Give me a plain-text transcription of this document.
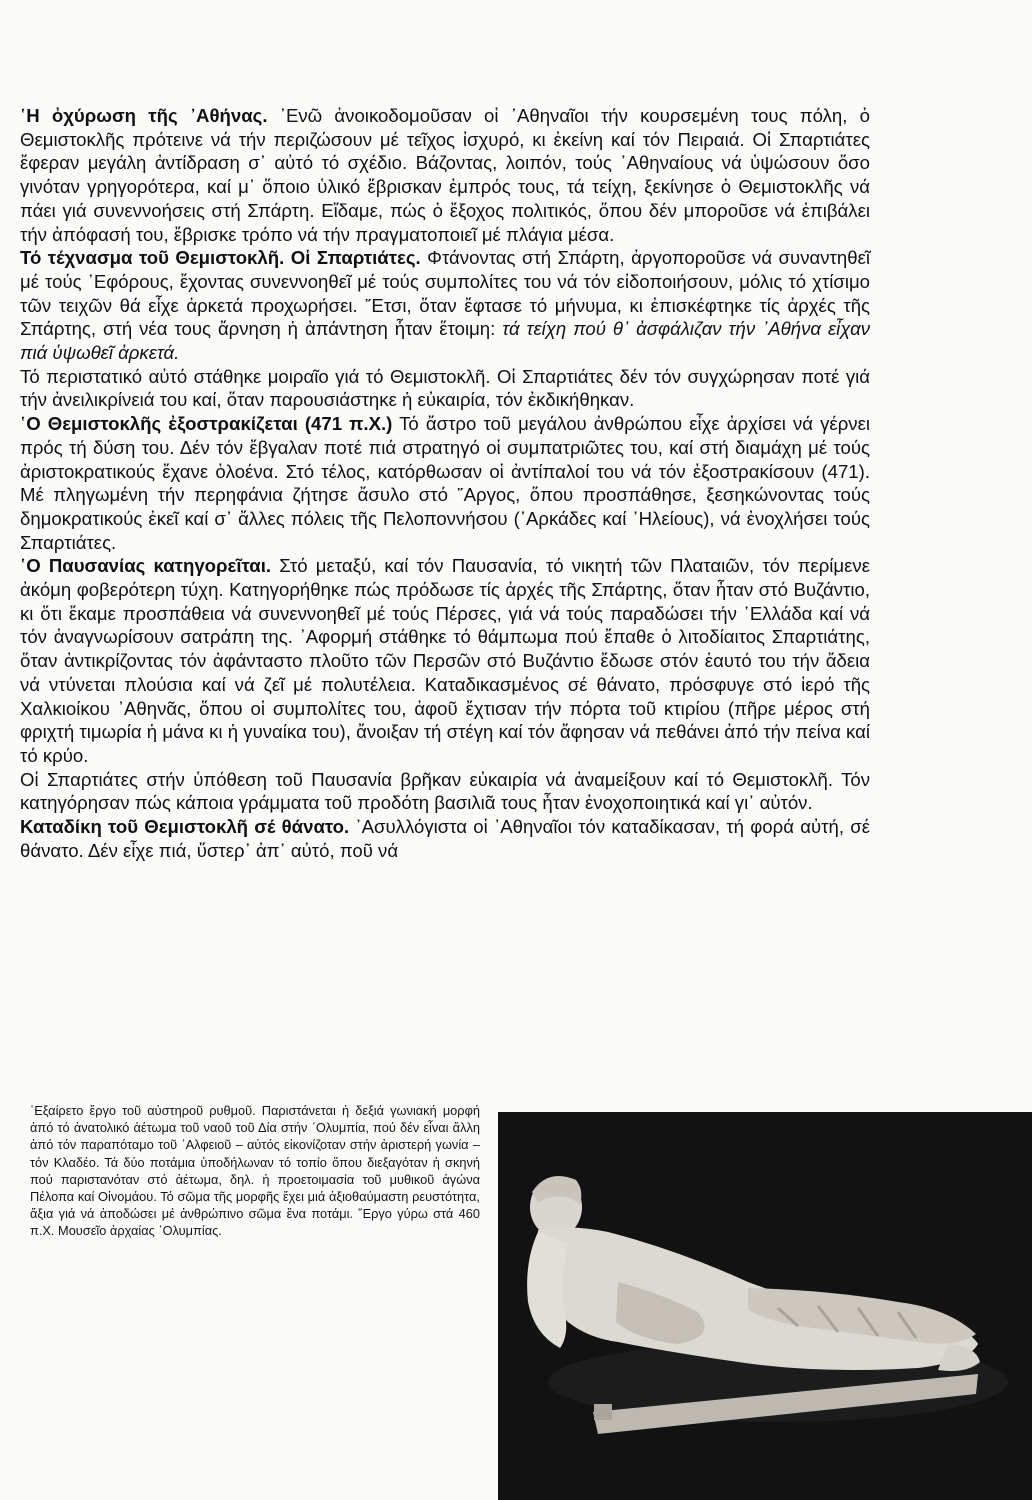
῾Η ὀχύρωση τῆς ᾿Αθήνας. ᾿Ενῶ ἀνοικοδομοῦσαν οἱ ᾿Αθηναῖοι τήν κουρσεμένη τους πόλη, ὁ Θεμιστοκλῆς πρότεινε νά τήν περιζώσουν μέ τεῖχος ἰσχυρό, κι ἐκείνη καί τόν Πειραιά. Οἱ Σπαρτιάτες ἔφεραν μεγάλη ἀντίδραση σ᾿ αὐτό τό σχέδιο. Βάζοντας, λοιπόν, τούς ᾿Αθηναίους νά ὑψώσουν ὅσο γινόταν γρηγορότερα, καί μ᾿ ὅποιο ὑλικό ἔβρισκαν ἐμπρός τους, τά τείχη, ξεκίνησε ὁ Θεμιστοκλῆς νά πάει γιά συνεννοήσεις στή Σπάρτη. Εἴδαμε, πώς ὁ ἔξοχος πολιτικός, ὅπου δέν μποροῦσε νά ἐπιβάλει τήν ἀπόφασή του, ἔβρισκε τρόπο νά τήν πραγματοποιεῖ μέ πλάγια μέσα.

Τό τέχνασμα τοῦ Θεμιστοκλῆ. Οἱ Σπαρτιάτες. Φτάνοντας στή Σπάρτη, ἀργοποροῦσε νά συναντηθεῖ μέ τούς ᾿Εφόρους, ἔχοντας συνεννοηθεῖ μέ τούς συμπολίτες του νά τόν εἰδοποιήσουν, μόλις τό χτίσιμο τῶν τειχῶν θά εἶχε ἀρκετά προχωρήσει. ῎Ετσι, ὅταν ἔφτασε τό μήνυμα, κι ἐπισκέφτηκε τίς ἀρχές τῆς Σπάρτης, στή νέα τους ἄρνηση ἡ ἀπάντηση ἦταν ἕτοιμη: τά τείχη πού θ᾿ ἀσφάλιζαν τήν ᾿Αθήνα εἶχαν πιά ὑψωθεῖ ἀρκετά.

Τό περιστατικό αὐτό στάθηκε μοιραῖο γιά τό Θεμιστοκλῆ. Οἱ Σπαρτιάτες δέν τόν συγχώρησαν ποτέ γιά τήν ἀνειλικρίνειά του καί, ὅταν παρουσιάστηκε ἡ εὐκαιρία, τόν ἐκδικήθηκαν.

῾Ο Θεμιστοκλῆς ἐξοστρακίζεται (471 π.Χ.) Τό ἄστρο τοῦ μεγάλου ἀνθρώπου εἶχε ἀρχίσει νά γέρνει πρός τή δύση του. Δέν τόν ἔβγαλαν ποτέ πιά στρατηγό οἱ συμπατριῶτες του, καί στή διαμάχη μέ τούς ἀριστοκρατικούς ἔχανε ὁλοένα. Στό τέλος, κατόρθωσαν οἱ ἀντίπαλοί του νά τόν ἐξοστρακίσουν (471). Μέ πληγωμένη τήν περηφάνια ζήτησε ἄσυλο στό ῎Αργος, ὅπου προσπάθησε, ξεσηκώνοντας τούς δημοκρατικούς ἐκεῖ καί σ᾿ ἄλλες πόλεις τῆς Πελοποννήσου (᾿Αρκάδες καί ᾿Ηλείους), νά ἐνοχλήσει τούς Σπαρτιάτες.

῾Ο Παυσανίας κατηγορεῖται. Στό μεταξύ, καί τόν Παυσανία, τό νικητή τῶν Πλαταιῶν, τόν περίμενε ἀκόμη φοβερότερη τύχη. Κατηγορήθηκε πώς πρόδωσε τίς ἀρχές τῆς Σπάρτης, ὅταν ἦταν στό Βυζάντιο, κι ὅτι ἔκαμε προσπάθεια νά συνεννοηθεῖ μέ τούς Πέρσες, γιά νά τούς παραδώσει τήν ῾Ελλάδα καί νά τόν ἀναγνωρίσουν σατράπη της. ᾿Αφορμή στάθηκε τό θάμπωμα πού ἔπαθε ὁ λιτοδίαιτος Σπαρτιάτης, ὅταν ἀντικρίζοντας τόν ἀφάνταστο πλοῦτο τῶν Περσῶν στό Βυζάντιο ἔδωσε στόν ἑαυτό του τήν ἄδεια νά ντύνεται πλούσια καί νά ζεῖ μέ πολυτέλεια. Καταδικασμένος σέ θάνατο, πρόσφυγε στό ἱερό τῆς Χαλκιοίκου ᾿Αθηνᾶς, ὅπου οἱ συμπολίτες του, ἀφοῦ ἔχτισαν τήν πόρτα τοῦ κτιρίου (πῆρε μέρος στή φριχτή τιμωρία ἡ μάνα κι ἡ γυναίκα του), ἄνοιξαν τή στέγη καί τόν ἄφησαν νά πεθάνει ἀπό τήν πείνα καί τό κρύο.

Οἱ Σπαρτιάτες στήν ὑπόθεση τοῦ Παυσανία βρῆκαν εὐκαιρία νά ἀναμείξουν καί τό Θεμιστοκλῆ. Τόν κατηγόρησαν πώς κάποια γράμματα τοῦ προδότη βασιλιᾶ τους ἦταν ἐνοχοποιητικά καί γι᾿ αὐτόν.

Καταδίκη τοῦ Θεμιστοκλῆ σέ θάνατο. ᾿Ασυλλόγιστα οἱ ᾿Αθηναῖοι τόν καταδίκασαν, τή φορά αὐτή, σέ θάνατο. Δέν εἶχε πιά, ὕστερ᾿ ἀπ᾿ αὐτό, ποῦ νά

῾Εξαίρετο ἔργο τοῦ αὐστηροῦ ρυθμοῦ. Παριστάνεται ἡ δεξιά γωνιακή μορφή ἀπό τό ἀνατολικό ἀέτωμα τοῦ ναοῦ τοῦ Δία στήν ᾿Ολυμπία, πού δέν εἶναι ἄλλη ἀπό τόν παραπόταμο τοῦ ᾿Αλφειοῦ – αὐτός εἰκονίζοταν στήν ἀριστερή γωνία – τόν Κλαδέο. Τά δύο ποτάμια ὑποδήλωναν τό τοπίο ὅπου διεξαγόταν ἡ σκηνή πού παριστανόταν στό ἀέτωμα, δηλ. ἡ προετοιμασία τοῦ μυθικοῦ ἀγώνα Πέλοπα καί Οἰνομάου. Τό σῶμα τῆς μορφῆς ἔχει μιά ἀξιοθαύμαστη ρευστότητα, ἄξια γιά νά ἀποδώσει μέ ἀνθρώπινο σῶμα ἕνα ποτάμι. ῎Εργο γύρω στά 460 π.Χ. Μουσεῖο ἀρχαίας ᾿Ολυμπίας.
